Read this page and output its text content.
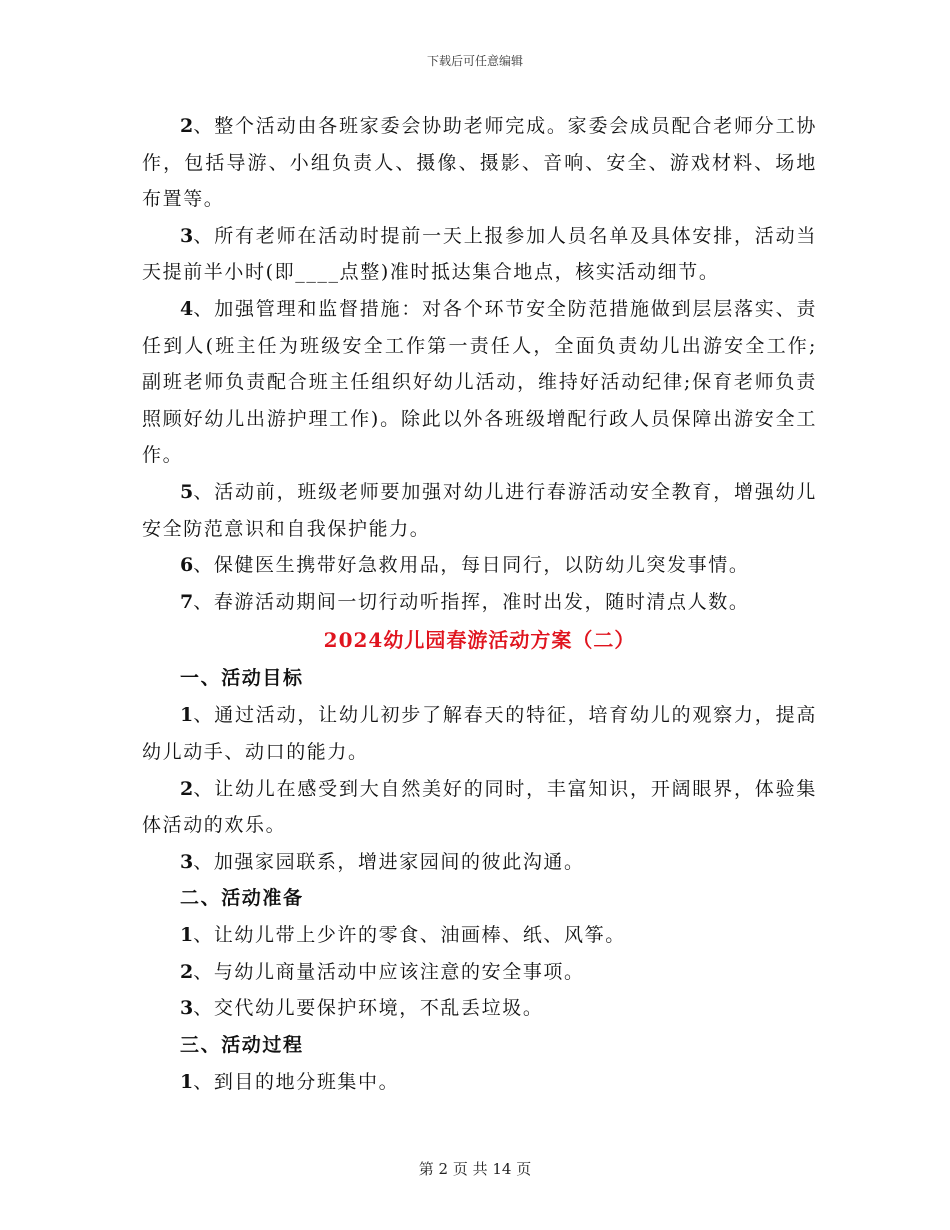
下载后可任意编辑

2、整个活动由各班家委会协助老师完成。家委会成员配合老师分工协作，包括导游、小组负责人、摄像、摄影、音响、安全、游戏材料、场地布置等。

3、所有老师在活动时提前一天上报参加人员名单及具体安排，活动当天提前半小时(即____点整)准时抵达集合地点，核实活动细节。

4、加强管理和监督措施：对各个环节安全防范措施做到层层落实、责任到人(班主任为班级安全工作第一责任人，全面负责幼儿出游安全工作;副班老师负责配合班主任组织好幼儿活动，维持好活动纪律;保育老师负责照顾好幼儿出游护理工作)。除此以外各班级增配行政人员保障出游安全工作。

5、活动前，班级老师要加强对幼儿进行春游活动安全教育，增强幼儿安全防范意识和自我保护能力。

6、保健医生携带好急救用品，每日同行，以防幼儿突发事情。

7、春游活动期间一切行动听指挥，准时出发，随时清点人数。

2024幼儿园春游活动方案（二）
一、活动目标

1、通过活动，让幼儿初步了解春天的特征，培育幼儿的观察力，提高幼儿动手、动口的能力。

2、让幼儿在感受到大自然美好的同时，丰富知识，开阔眼界，体验集体活动的欢乐。

3、加强家园联系，增进家园间的彼此沟通。

二、活动准备

1、让幼儿带上少许的零食、油画棒、纸、风筝。

2、与幼儿商量活动中应该注意的安全事项。

3、交代幼儿要保护环境，不乱丢垃圾。

三、活动过程

1、到目的地分班集中。

第 2 页 共 14 页
